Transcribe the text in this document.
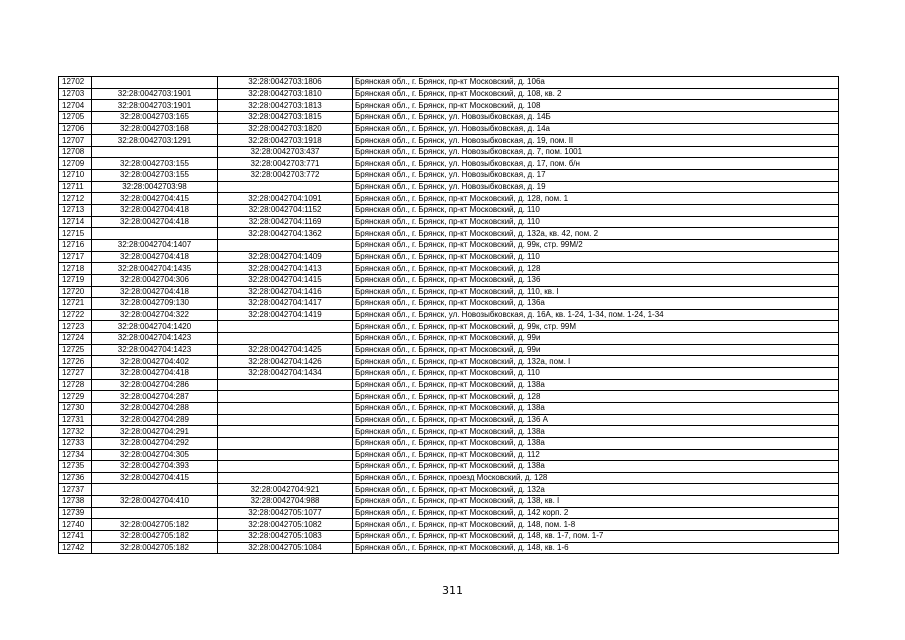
12702		32:28:0042703:1806	Брянская обл., г. Брянск, пр-кт Московский, д. 106а
12703	32:28:0042703:1901	32:28:0042703:1810	Брянская обл., г. Брянск, пр-кт Московский, д. 108, кв. 2
12704	32:28:0042703:1901	32:28:0042703:1813	Брянская обл., г. Брянск, пр-кт Московский, д. 108
12705	32:28:0042703:165	32:28:0042703:1815	Брянская обл., г. Брянск, ул. Новозыбковская, д. 14Б
12706	32:28:0042703:168	32:28:0042703:1820	Брянская обл., г. Брянск, ул. Новозыбковская, д. 14а
12707	32:28:0042703:1291	32:28:0042703:1918	Брянская обл., г. Брянск, ул. Новозыбковская, д. 19, пом. II
12708		32:28:0042703:437	Брянская обл., г. Брянск, ул. Новозыбковская, д. 7, пом. 1001
12709	32:28:0042703:155	32:28:0042703:771	Брянская обл., г. Брянск, ул. Новозыбковская, д. 17, пом. б/н
12710	32:28:0042703:155	32:28:0042703:772	Брянская обл., г. Брянск, ул. Новозыбковская, д. 17
12711	32:28:0042703:98		Брянская обл., г. Брянск, ул. Новозыбковская, д. 19
12712	32:28:0042704:415	32:28:0042704:1091	Брянская обл., г. Брянск, пр-кт Московский, д. 128, пом. 1
12713	32:28:0042704:418	32:28:0042704:1152	Брянская обл., г. Брянск, пр-кт Московский, д. 110
12714	32:28:0042704:418	32:28:0042704:1169	Брянская обл., г. Брянск, пр-кт Московский, д. 110
12715		32:28:0042704:1362	Брянская обл., г. Брянск, пр-кт Московский, д. 132а, кв. 42, пом. 2
12716	32:28:0042704:1407		Брянская обл., г. Брянск, пр-кт Московский, д. 99к, стр. 99М/2
12717	32:28:0042704:418	32:28:0042704:1409	Брянская обл., г. Брянск, пр-кт Московский, д. 110
12718	32:28:0042704:1435	32:28:0042704:1413	Брянская обл., г. Брянск, пр-кт Московский, д. 128
12719	32:28:0042704:306	32:28:0042704:1415	Брянская обл., г. Брянск, пр-кт Московский, д. 136
12720	32:28:0042704:418	32:28:0042704:1416	Брянская обл., г. Брянск, пр-кт Московский, д. 110, кв. I
12721	32:28:0042709:130	32:28:0042704:1417	Брянская обл., г. Брянск, пр-кт Московский, д. 136а
12722	32:28:0042704:322	32:28:0042704:1419	Брянская обл., г. Брянск, ул. Новозыбковская, д. 16А, кв. 1-24, 1-34, пом. 1-24, 1-34
12723	32:28:0042704:1420		Брянская обл., г. Брянск, пр-кт Московский, д. 99к, стр. 99М
12724	32:28:0042704:1423		Брянская обл., г. Брянск, пр-кт Московский, д. 99и
12725	32:28:0042704:1423	32:28:0042704:1425	Брянская обл., г. Брянск, пр-кт Московский, д. 99и
12726	32:28:0042704:402	32:28:0042704:1426	Брянская обл., г. Брянск, пр-кт Московский, д. 132а, пом. I
12727	32:28:0042704:418	32:28:0042704:1434	Брянская обл., г. Брянск, пр-кт Московский, д. 110
12728	32:28:0042704:286		Брянская обл., г. Брянск, пр-кт Московский, д. 138а
12729	32:28:0042704:287		Брянская обл., г. Брянск, пр-кт Московский, д. 128
12730	32:28:0042704:288		Брянская обл., г. Брянск, пр-кт Московский, д. 138а
12731	32:28:0042704:289		Брянская обл., г. Брянск, пр-кт Московский, д. 136 А
12732	32:28:0042704:291		Брянская обл., г. Брянск, пр-кт Московский, д. 138а
12733	32:28:0042704:292		Брянская обл., г. Брянск, пр-кт Московский, д. 138а
12734	32:28:0042704:305		Брянская обл., г. Брянск, пр-кт Московский, д. 112
12735	32:28:0042704:393		Брянская обл., г. Брянск, пр-кт Московский, д. 138а
12736	32:28:0042704:415		Брянская обл., г. Брянск, проезд Московский, д. 128
12737		32:28:0042704:921	Брянская обл., г. Брянск, пр-кт Московский, д. 132а
12738	32:28:0042704:410	32:28:0042704:988	Брянская обл., г. Брянск, пр-кт Московский, д. 138, кв. I
12739		32:28:0042705:1077	Брянская обл., г. Брянск, пр-кт Московский, д. 142 корп. 2
12740	32:28:0042705:182	32:28:0042705:1082	Брянская обл., г. Брянск, пр-кт Московский, д. 148, пом. 1-8
12741	32:28:0042705:182	32:28:0042705:1083	Брянская обл., г. Брянск, пр-кт Московский, д. 148, кв. 1-7, пом. 1-7
12742	32:28:0042705:182	32:28:0042705:1084	Брянская обл., г. Брянск, пр-кт Московский, д. 148, кв. 1-6
311
